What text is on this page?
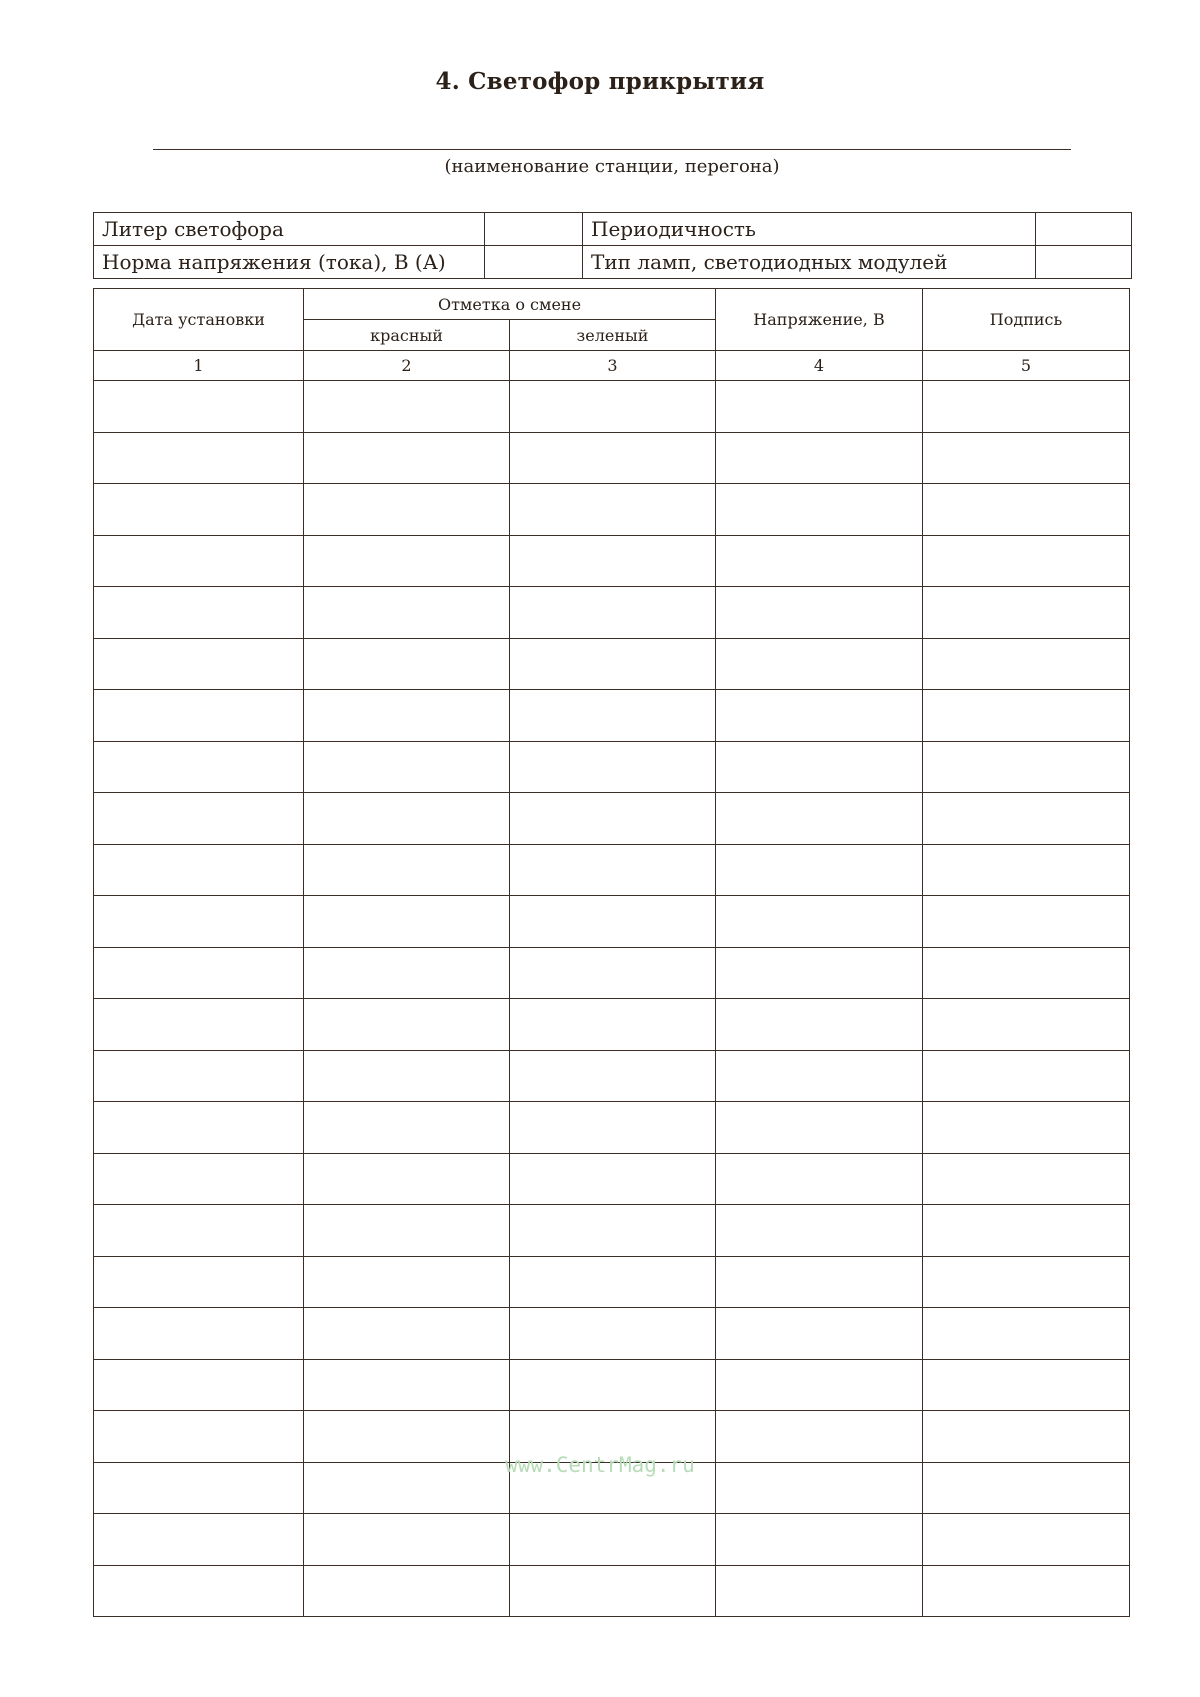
4. Светофор прикрытия
(наименование станции, перегона)
Литер светофора		Периодичность	
Норма напряжения (тока), В (А)		Тип ламп, светодиодных модулей	
Дата установки	Отметка о смене		Напряжение, В	Подпись
	красный	зеленый		
1	2	3	4	5

www.CentrMag.ru
